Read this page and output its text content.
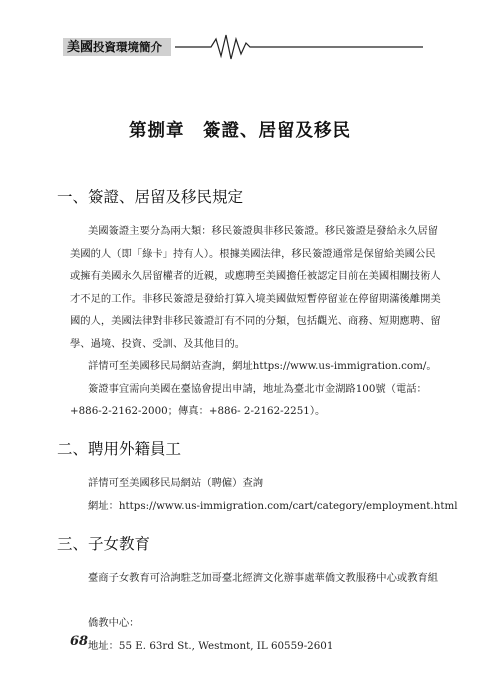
美國投資環境簡介
第捌章　簽證、居留及移民
一、簽證、居留及移民規定
美國簽證主要分為兩大類：移民簽證與非移民簽證。移民簽證是發給永久居留
美國的人（即「綠卡」持有人）。根據美國法律，移民簽證通常是保留給美國公民
或擁有美國永久居留權者的近親，或應聘至美國擔任被認定目前在美國相關技術人
才不足的工作。非移民簽證是發給打算入境美國做短暫停留並在停留期滿後離開美
國的人，美國法律對非移民簽證訂有不同的分類，包括觀光、商務、短期應聘、留
學、過境、投資、受訓、及其他目的。
詳情可至美國移民局網站查詢，網址https://www.us-immigration.com/。
簽證事宜需向美國在臺協會提出申請，地址為臺北市金湖路100號（電話：
+886-2-2162-2000；傳真：+886- 2-2162-2251）。
二、聘用外籍員工
詳情可至美國移民局網站（聘僱）查詢
網址：https://www.us-immigration.com/cart/category/employment.html
三、子女教育
臺商子女教育可洽詢駐芝加哥臺北經濟文化辦事處華僑文教服務中心或教育組
僑教中心：
地址：55 E. 63rd St., Westmont, IL 60559-2601
68
